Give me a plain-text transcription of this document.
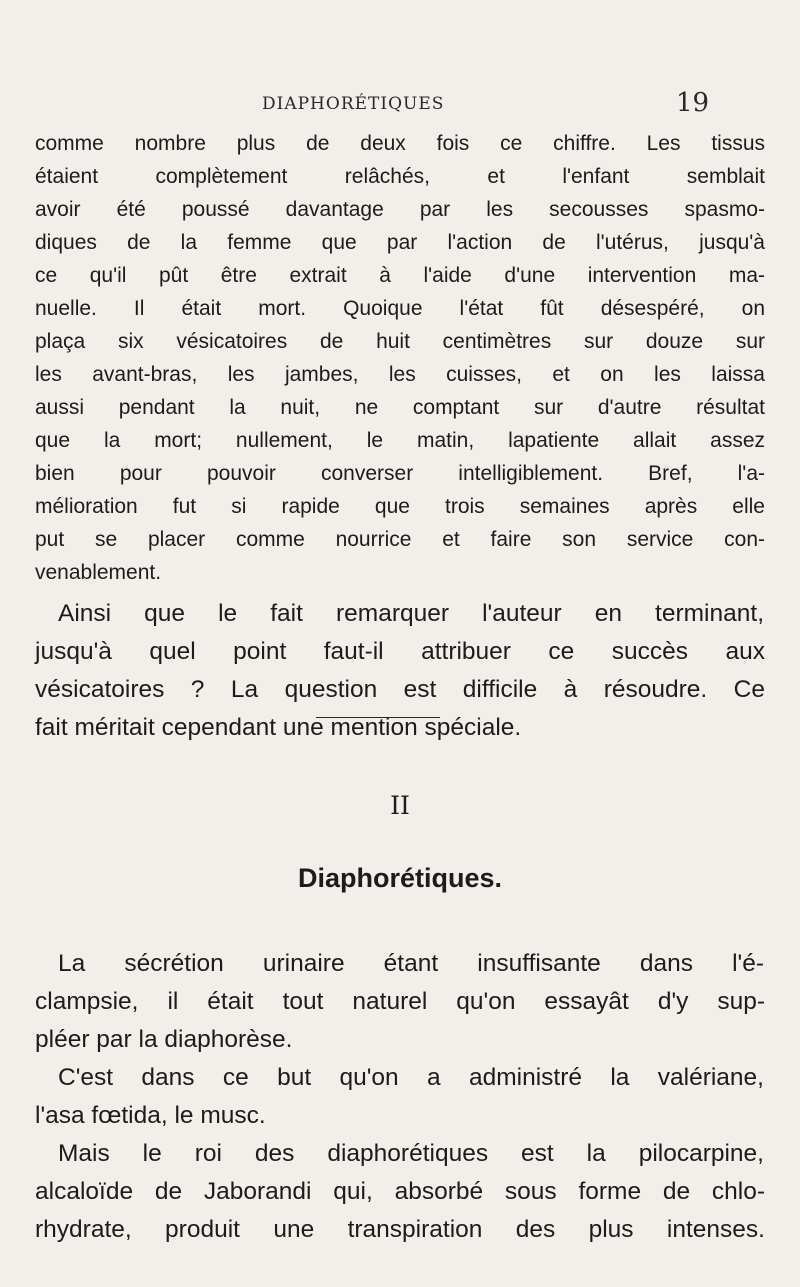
DIAPHORÉTIQUES	19
comme nombre plus de deux fois ce chiffre. Les tissus
étaient complètement relâchés, et l'enfant semblait
avoir été poussé davantage par les secousses spasmo-
diques de la femme que par l'action de l'utérus, jusqu'à
ce qu'il pût être extrait à l'aide d'une intervention ma-
nuelle. Il était mort. Quoique l'état fût désespéré, on
plaça six vésicatoires de huit centimètres sur douze sur
les avant-bras, les jambes, les cuisses, et on les laissa
aussi pendant la nuit, ne comptant sur d'autre résultat
que la mort; nullement, le matin, lapatiente allait assez
bien pour pouvoir converser intelligiblement. Bref, l'a-
mélioration fut si rapide que trois semaines après elle
put se placer comme nourrice et faire son service con-
venablement.
Ainsi que le fait remarquer l'auteur en terminant,
jusqu'à quel point faut-il attribuer ce succès aux
vésicatoires ? La question est difficile à résoudre. Ce
fait méritait cependant une mention spéciale.
II
Diaphorétiques.
La sécrétion urinaire étant insuffisante dans l'é-
clampsie, il était tout naturel qu'on essayât d'y sup-
pléer par la diaphorèse.
C'est dans ce but qu'on a administré la valériane,
l'asa fœtida, le musc.
Mais le roi des diaphorétiques est la pilocarpine,
alcaloïde de Jaborandi qui, absorbé sous forme de chlo-
rhydrate, produit une transpiration des plus intenses.
